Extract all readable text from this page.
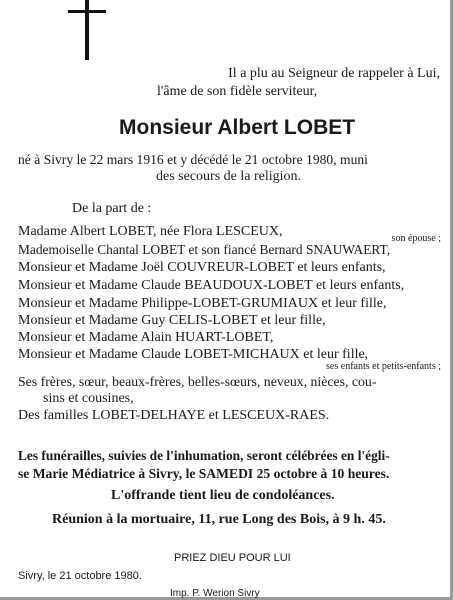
Il a plu au Seigneur de rappeler à Lui,
l'âme de son fidèle serviteur,
Monsieur Albert LOBET
né à Sivry le 22 mars 1916 et y décédé le 21 octobre 1980, muni
des secours de la religion.
De la part de :
Madame Albert LOBET, née Flora LESCEUX,	son épouse ;
Mademoiselle Chantal LOBET et son fiancé Bernard SNAUWAERT,
Monsieur et Madame Joël COUVREUR-LOBET et leurs enfants,
Monsieur et Madame Claude BEAUDOUX-LOBET et leurs enfants,
Monsieur et Madame Philippe-LOBET-GRUMIAUX et leur fille,
Monsieur et Madame Guy CELIS-LOBET et leur fille,
Monsieur et Madame Alain HUART-LOBET,
Monsieur et Madame Claude LOBET-MICHAUX et leur fille,
ses enfants et petits-enfants ;
Ses frères, sœur, beaux-frères, belles-sœurs, neveux, nièces, cou-
sins et cousines,
Des familles LOBET-DELHAYE et LESCEUX-RAES.
Les funérailles, suivies de l'inhumation, seront célébrées en l'égli-
se Marie Médiatrice à Sivry, le SAMEDI 25 octobre à 10 heures.
L'offrande tient lieu de condoléances.
Réunion à la mortuaire, 11, rue Long des Bois, à 9 h. 45.
PRIEZ DIEU POUR LUI
Sivry, le 21 octobre 1980.
Imp. P. Werion Sivry
